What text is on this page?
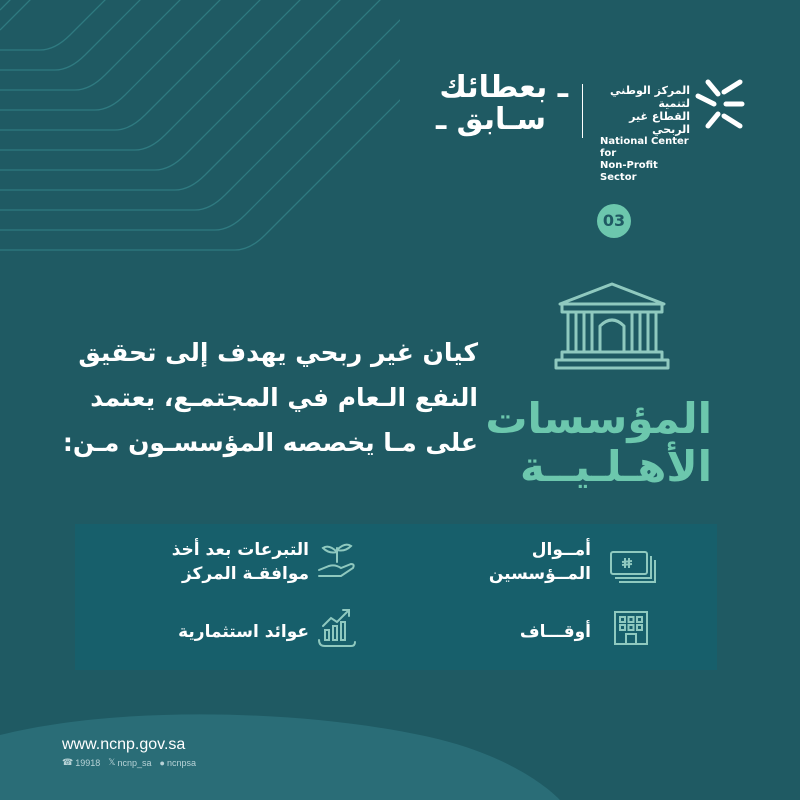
ـ بعطائك
سـابق ـ
المركز الوطني لتنمية
القطاع غير الربحي
National Center for
Non-Profit Sector
03
المؤسسات
الأهـلـيــة
كيان غير ربحي يهدف إلى تحقيق
النفع الـعام في المجتمـع، يعتمد
على مـا يخصصه المؤسسـون مـن:
أمــوال
المــؤسسين
التبرعات بعد أخذ
موافقـة المركز
أوقـــاف
عوائد استثمارية
www.ncnp.gov.sa
☎ 19918 𝕏 ncnp_sa ● ncnpsa
